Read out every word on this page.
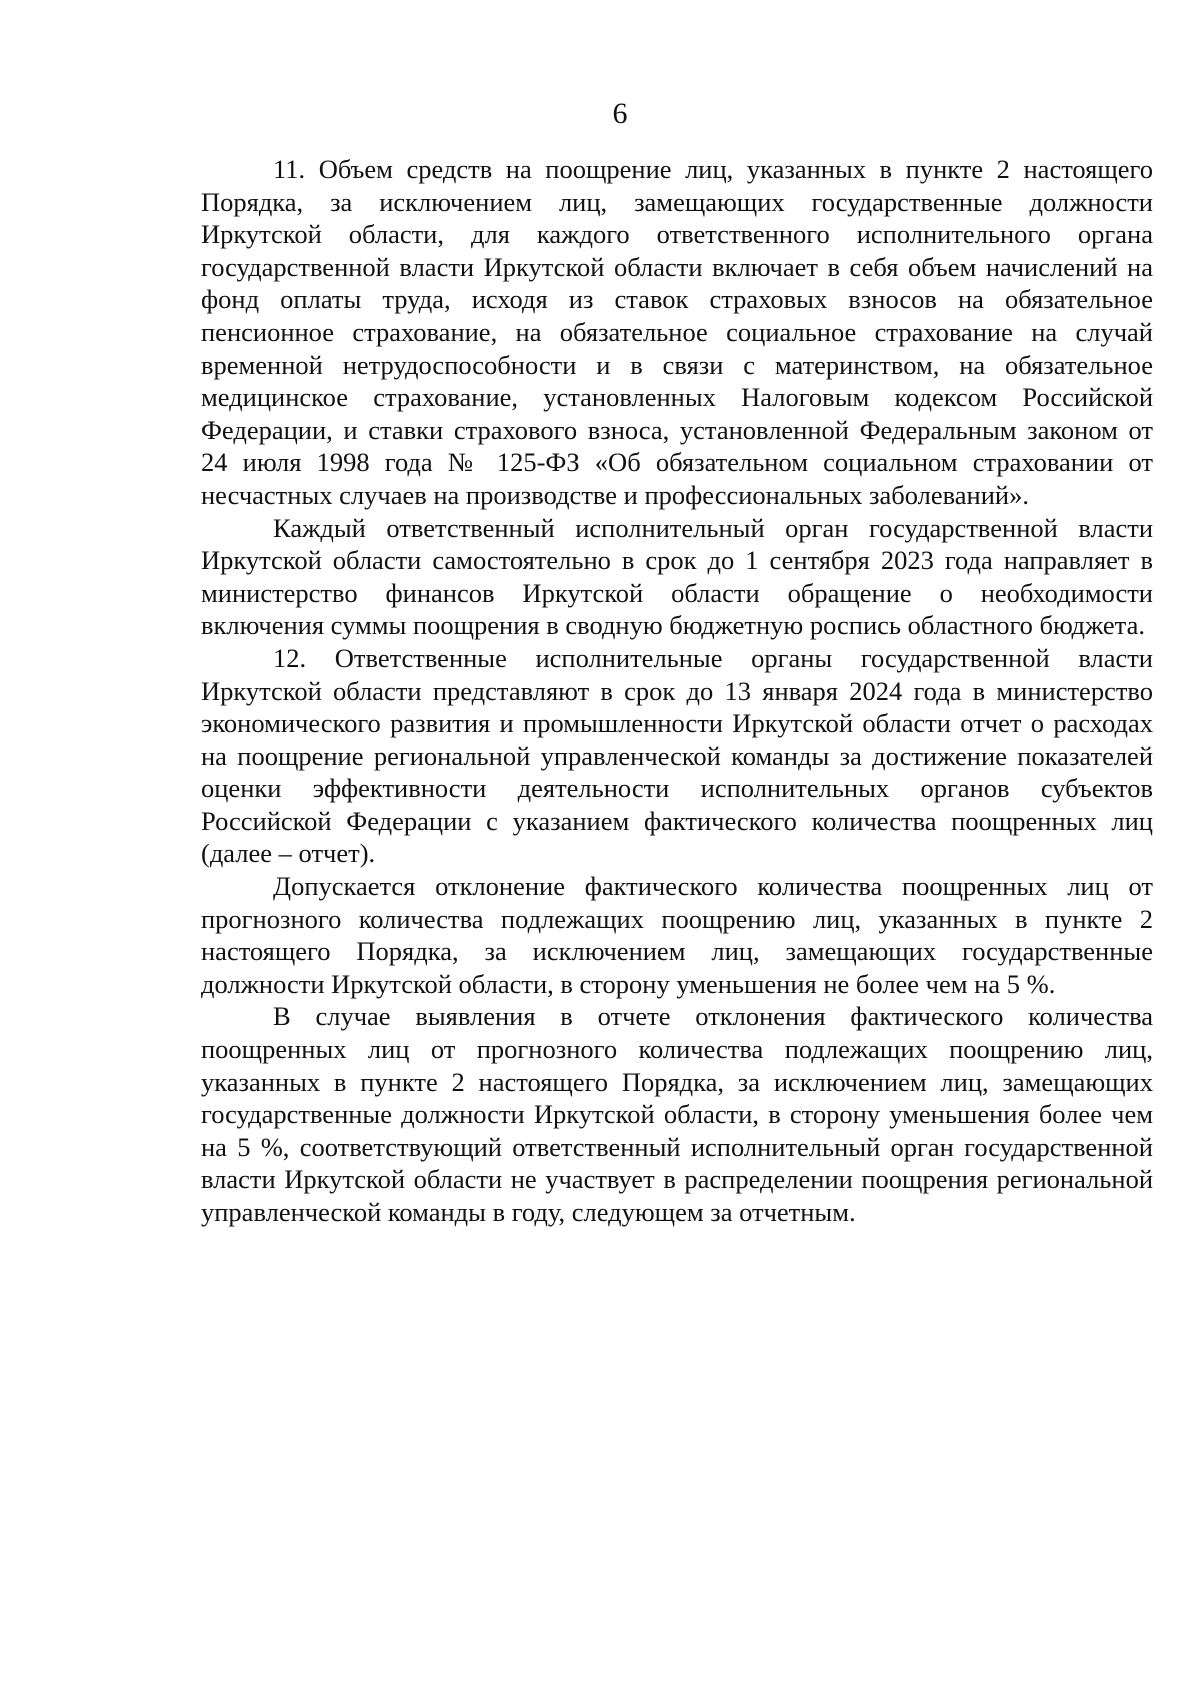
6

11. Объем средств на поощрение лиц, указанных в пункте 2 настоящего Порядка, за исключением лиц, замещающих государственные должности Иркутской области, для каждого ответственного исполнительного органа государственной власти Иркутской области включает в себя объем начислений на фонд оплаты труда, исходя из ставок страховых взносов на обязательное пенсионное страхование, на обязательное социальное страхование на случай временной нетрудоспособности и в связи с материнством, на обязательное медицинское страхование, установленных Налоговым кодексом Российской Федерации, и ставки страхового взноса, установленной Федеральным законом от 24 июля 1998 года № 125-ФЗ «Об обязательном социальном страховании от несчастных случаев на производстве и профессиональных заболеваний».

Каждый ответственный исполнительный орган государственной власти Иркутской области самостоятельно в срок до 1 сентября 2023 года направляет в министерство финансов Иркутской области обращение о необходимости включения суммы поощрения в сводную бюджетную роспись областного бюджета.

12. Ответственные исполнительные органы государственной власти Иркутской области представляют в срок до 13 января 2024 года в министерство экономического развития и промышленности Иркутской области отчет о расходах на поощрение региональной управленческой команды за достижение показателей оценки эффективности деятельности исполнительных органов субъектов Российской Федерации с указанием фактического количества поощренных лиц (далее – отчет).

Допускается отклонение фактического количества поощренных лиц от прогнозного количества подлежащих поощрению лиц, указанных в пункте 2 настоящего Порядка, за исключением лиц, замещающих государственные должности Иркутской области, в сторону уменьшения не более чем на 5 %.

В случае выявления в отчете отклонения фактического количества поощренных лиц от прогнозного количества подлежащих поощрению лиц, указанных в пункте 2 настоящего Порядка, за исключением лиц, замещающих государственные должности Иркутской области, в сторону уменьшения более чем на 5 %, соответствующий ответственный исполнительный орган государственной власти Иркутской области не участвует в распределении поощрения региональной управленческой команды в году, следующем за отчетным.
